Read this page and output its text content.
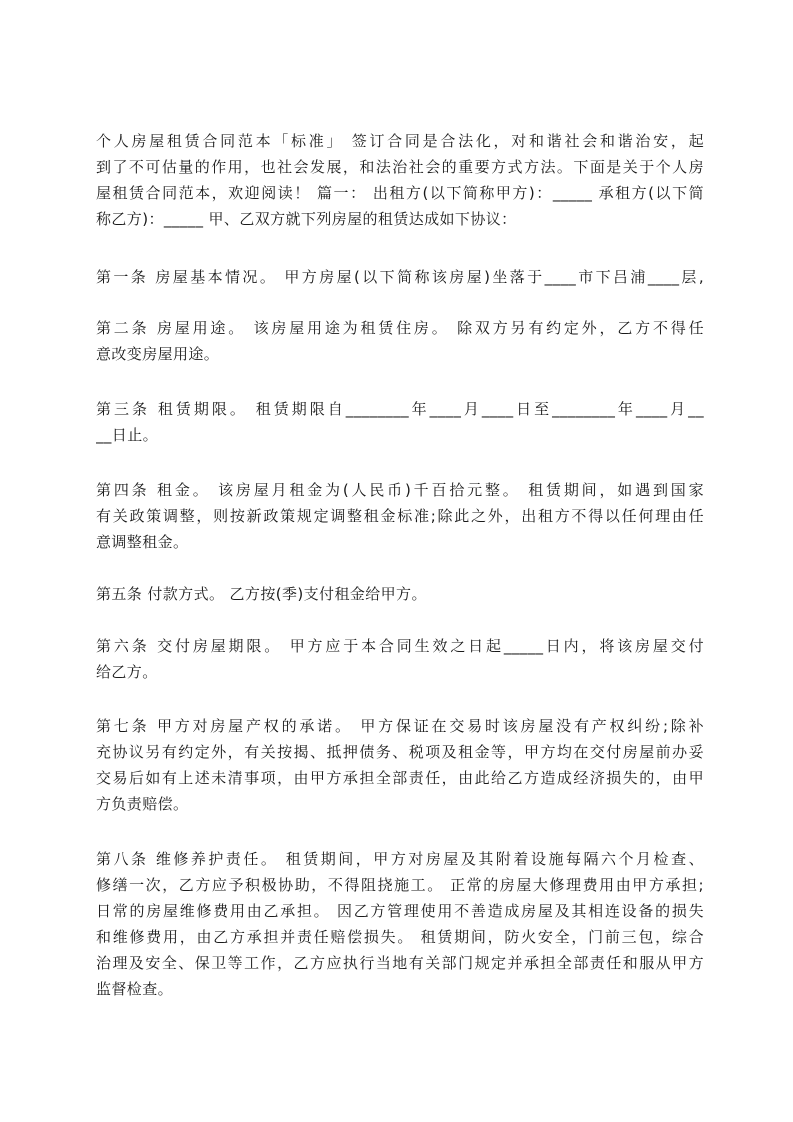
个人房屋租赁合同范本「标准」 签订合同是合法化，对和谐社会和谐治安，起
到了不可估量的作用，也社会发展，和法治社会的重要方式方法。下面是关于个人房
屋租赁合同范本，欢迎阅读！ 篇一： 出租方(以下简称甲方)：_____ 承租方(以下简
称乙方)：_____ 甲、乙双方就下列房屋的租赁达成如下协议：
第一条 房屋基本情况。 甲方房屋(以下简称该房屋)坐落于____市下吕浦____层,
第二条 房屋用途。 该房屋用途为租赁住房。 除双方另有约定外，乙方不得任
意改变房屋用途。
第三条 租赁期限。 租赁期限自________年____月____日至________年____月__
__日止。
第四条 租金。 该房屋月租金为(人民币)千百拾元整。 租赁期间，如遇到国家
有关政策调整，则按新政策规定调整租金标准;除此之外，出租方不得以任何理由任
意调整租金。
第五条 付款方式。 乙方按(季)支付租金给甲方。
第六条 交付房屋期限。 甲方应于本合同生效之日起_____日内，将该房屋交付
给乙方。
第七条 甲方对房屋产权的承诺。 甲方保证在交易时该房屋没有产权纠纷;除补
充协议另有约定外，有关按揭、抵押债务、税项及租金等，甲方均在交付房屋前办妥
交易后如有上述未清事项，由甲方承担全部责任，由此给乙方造成经济损失的，由甲
方负责赔偿。
第八条 维修养护责任。 租赁期间，甲方对房屋及其附着设施每隔六个月检查、
修缮一次，乙方应予积极协助，不得阻挠施工。 正常的房屋大修理费用由甲方承担;
日常的房屋维修费用由乙承担。 因乙方管理使用不善造成房屋及其相连设备的损失
和维修费用，由乙方承担并责任赔偿损失。 租赁期间，防火安全，门前三包，综合
治理及安全、保卫等工作，乙方应执行当地有关部门规定并承担全部责任和服从甲方
监督检查。
